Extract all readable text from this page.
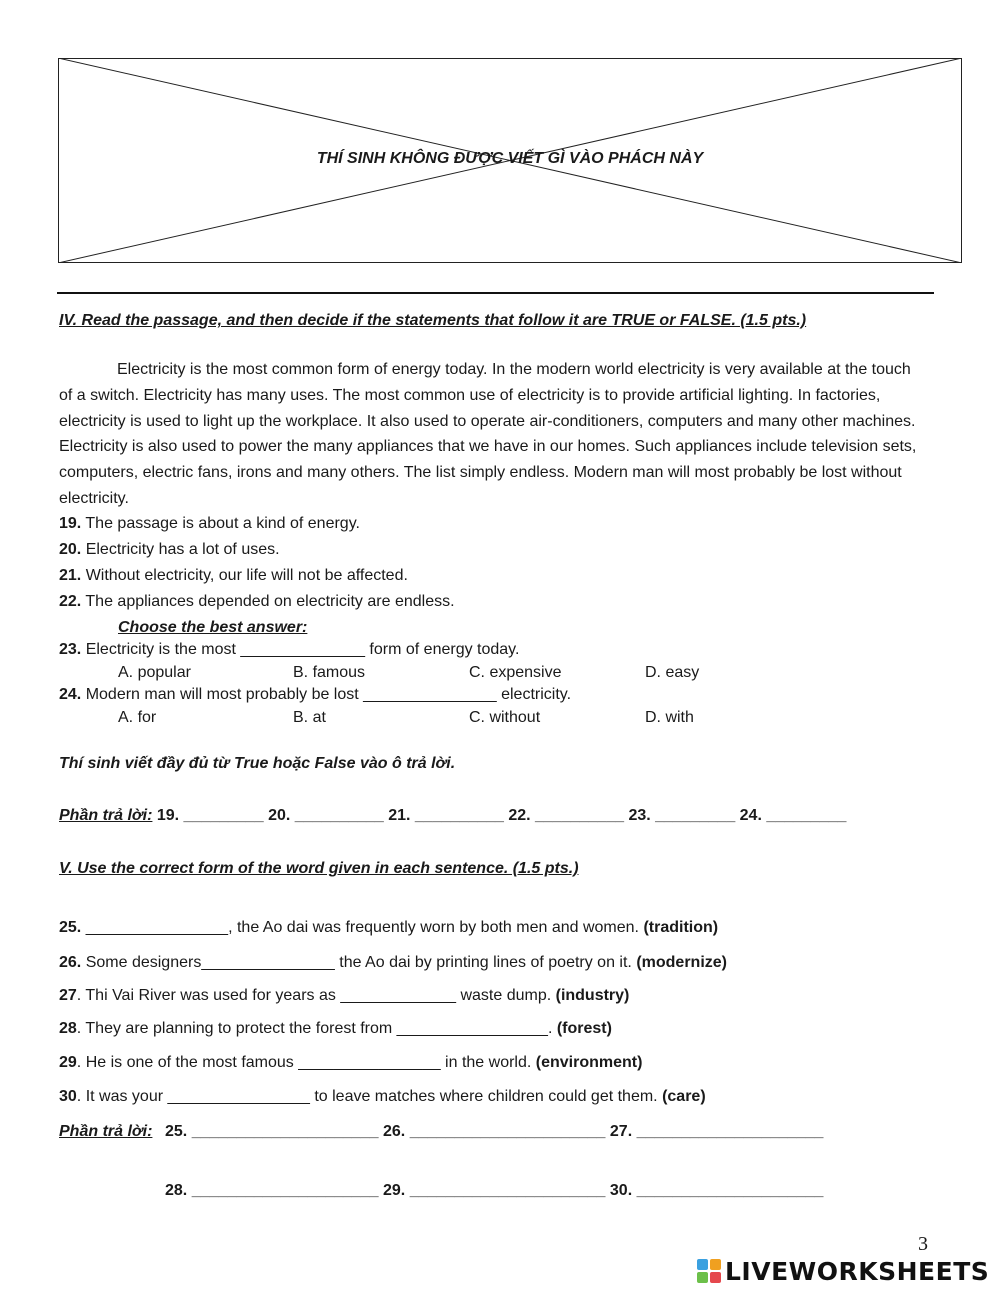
THÍ SINH KHÔNG ĐƯỢC VIẾT GÌ VÀO PHÁCH NÀY
IV. Read the passage, and then decide if the statements that follow it are TRUE or FALSE. (1.5 pts.)
Electricity is the most common form of energy today. In the modern world electricity is very available at the touch of a switch. Electricity has many uses. The most common use of electricity is to provide artificial lighting. In factories, electricity is used to light up the workplace. It also used to operate air-conditioners, computers and many other machines. Electricity is also used to power the many appliances that we have in our homes. Such appliances include television sets, computers, electric fans, irons and many others. The list simply endless. Modern man will most probably be lost without electricity.
19. The passage is about a kind of energy.
20. Electricity has a lot of uses.
21. Without electricity, our life will not be affected.
22. The appliances depended on electricity are endless.
Choose the best answer:
23. Electricity is the most ______________ form of energy today.
A. popular	B. famous	C. expensive	D. easy
24. Modern man will most probably be lost _______________ electricity.
A. for	B. at	C. without	D. with
Thí sinh viết đầy đủ từ True hoặc False vào ô trả lời.
Phần trả lời: 19. _________ 20. __________ 21. __________ 22. __________ 23. _________ 24. _________
V. Use the correct form of the word given in each sentence. (1.5 pts.)
25. ________________, the Ao dai was frequently worn by both men and women. (tradition)
26. Some designers_______________ the Ao dai by printing lines of poetry on it. (modernize)
27. Thi Vai River was used for years as _____________ waste dump. (industry)
28. They are planning to protect the forest from _________________. (forest)
29. He is one of the most famous ________________ in the world. (environment)
30. It was your ________________ to leave matches where children could get them. (care)
Phần trả lời: 25. _____________________ 26. ______________________ 27. _____________________
28. _____________________ 29. ______________________ 30. _____________________
3
LIVEWORKSHEETS
